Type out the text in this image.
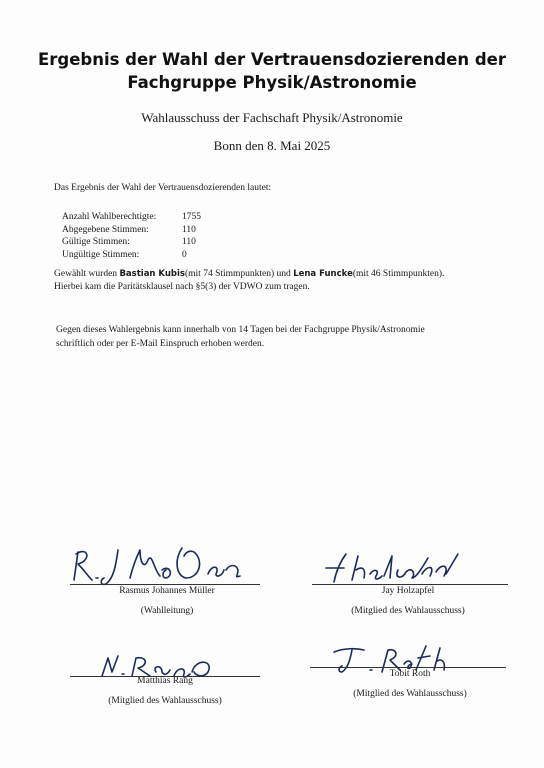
Ergebnis der Wahl der Vertrauensdozierenden der
Fachgruppe Physik/Astronomie
Wahlausschuss der Fachschaft Physik/Astronomie
Bonn den 8. Mai 2025
Das Ergebnis der Wahl der Vertrauensdozierenden lautet:
Anzahl Wahlberechtigte:	1755
Abgegebene Stimmen:	110
Gültige Stimmen:	110
Ungültige Stimmen:	0
Gewählt wurden Bastian Kubis(mit 74 Stimmpunkten) und Lena Funcke(mit 46 Stimmpunkten).
Hierbei kam die Paritätsklausel nach §5(3) der VDWO zum tragen.
Gegen dieses Wahlergebnis kann innerhalb von 14 Tagen bei der Fachgruppe Physik/Astronomie
schriftlich oder per E-Mail Einspruch erhoben werden.
Rasmus Johannes Müller
(Wahlleitung)
Jay Holzapfel
(Mitglied des Wahlausschuss)
Matthias Rang
(Mitglied des Wahlausschuss)
Tobit Roth
(Mitglied des Wahlausschuss)
